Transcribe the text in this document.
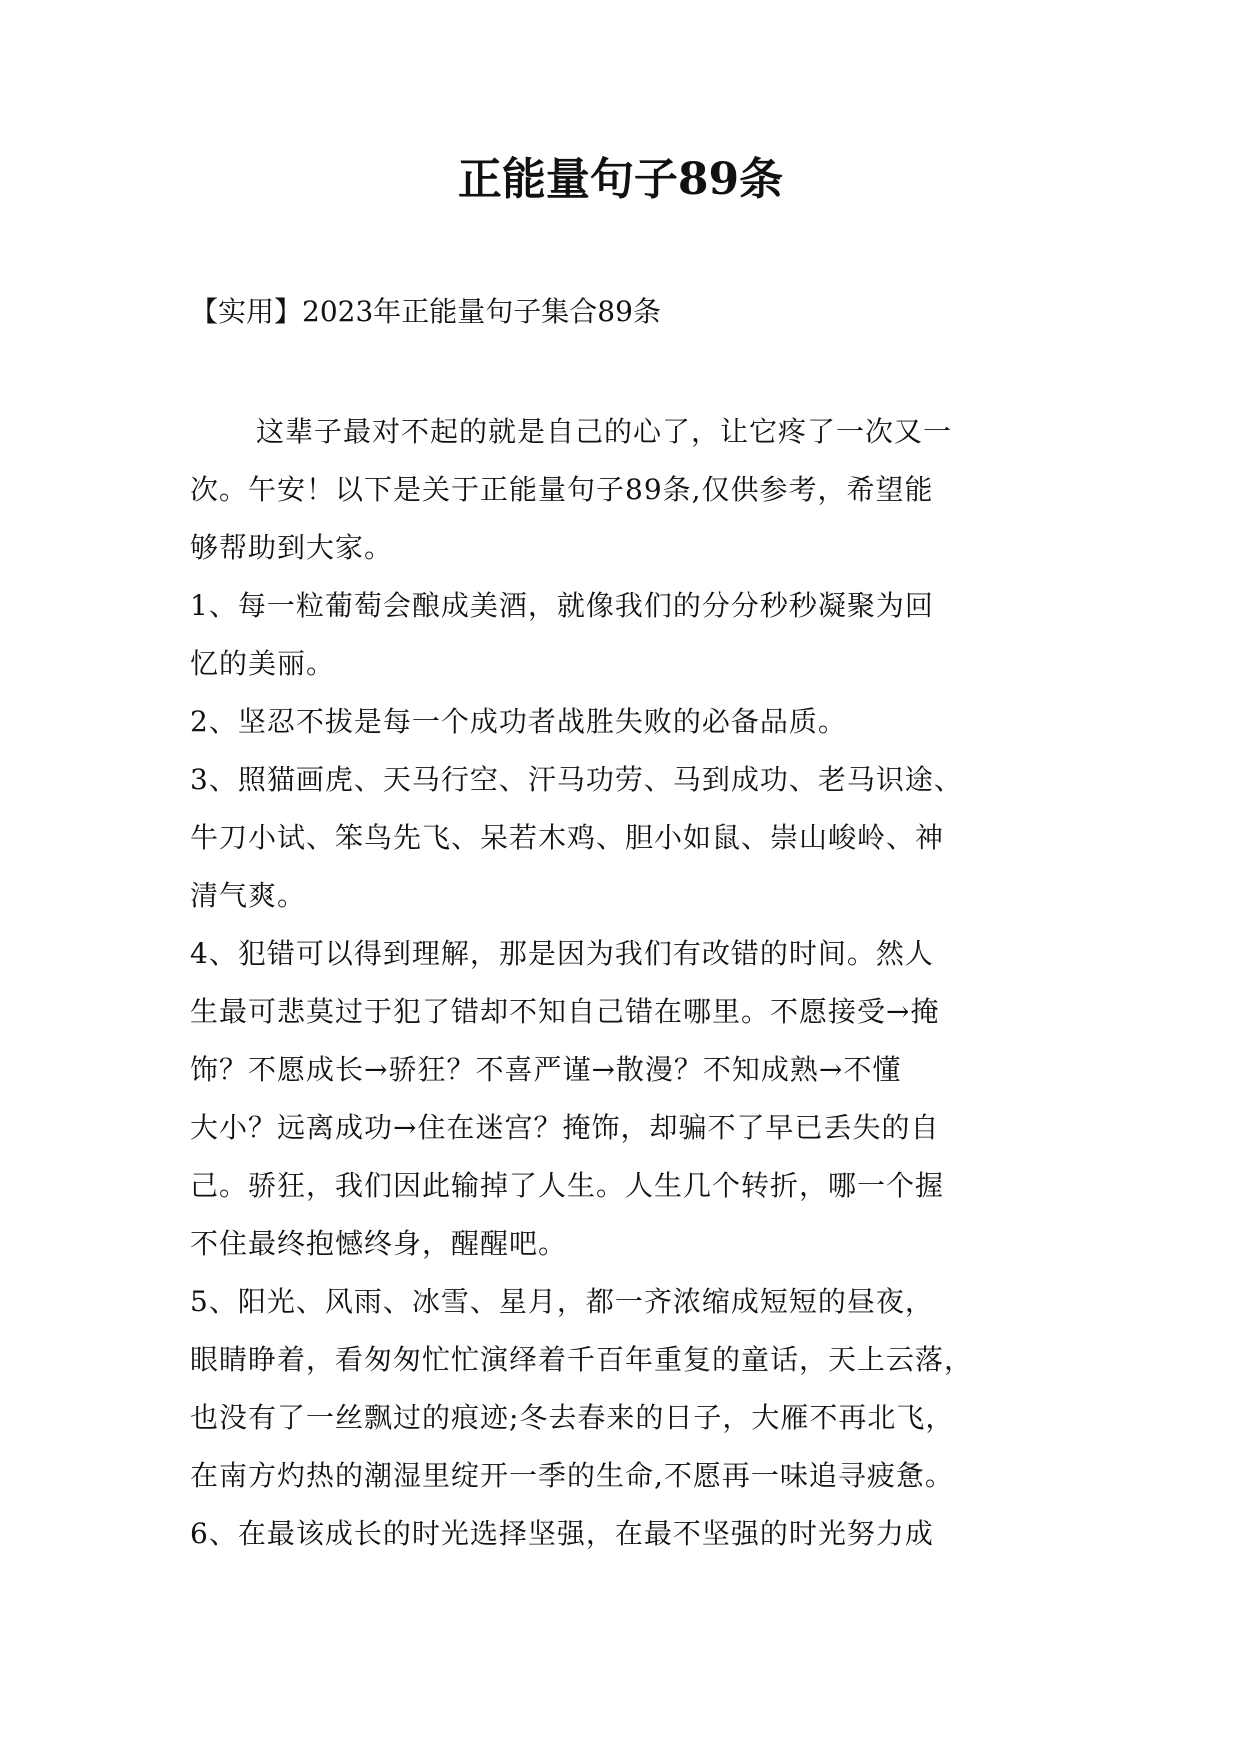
正能量句子89条
【实用】2023年正能量句子集合89条
这辈子最对不起的就是自己的心了，让它疼了一次又一
次。午安！以下是关于正能量句子89条,仅供参考，希望能
够帮助到大家。
1、每一粒葡萄会酿成美酒，就像我们的分分秒秒凝聚为回
忆的美丽。
2、坚忍不拔是每一个成功者战胜失败的必备品质。
3、照猫画虎、天马行空、汗马功劳、马到成功、老马识途、
牛刀小试、笨鸟先飞、呆若木鸡、胆小如鼠、崇山峻岭、神
清气爽。
4、犯错可以得到理解，那是因为我们有改错的时间。然人
生最可悲莫过于犯了错却不知自己错在哪里。不愿接受→掩
饰？不愿成长→骄狂？不喜严谨→散漫？不知成熟→不懂
大小？远离成功→住在迷宫？掩饰，却骗不了早已丢失的自
己。骄狂，我们因此输掉了人生。人生几个转折，哪一个握
不住最终抱憾终身，醒醒吧。
5、阳光、风雨、冰雪、星月，都一齐浓缩成短短的昼夜，
眼睛睁着，看匆匆忙忙演绎着千百年重复的童话，天上云落，
也没有了一丝飘过的痕迹;冬去春来的日子，大雁不再北飞，
在南方灼热的潮湿里绽开一季的生命,不愿再一味追寻疲惫。
6、在最该成长的时光选择坚强，在最不坚强的时光努力成
